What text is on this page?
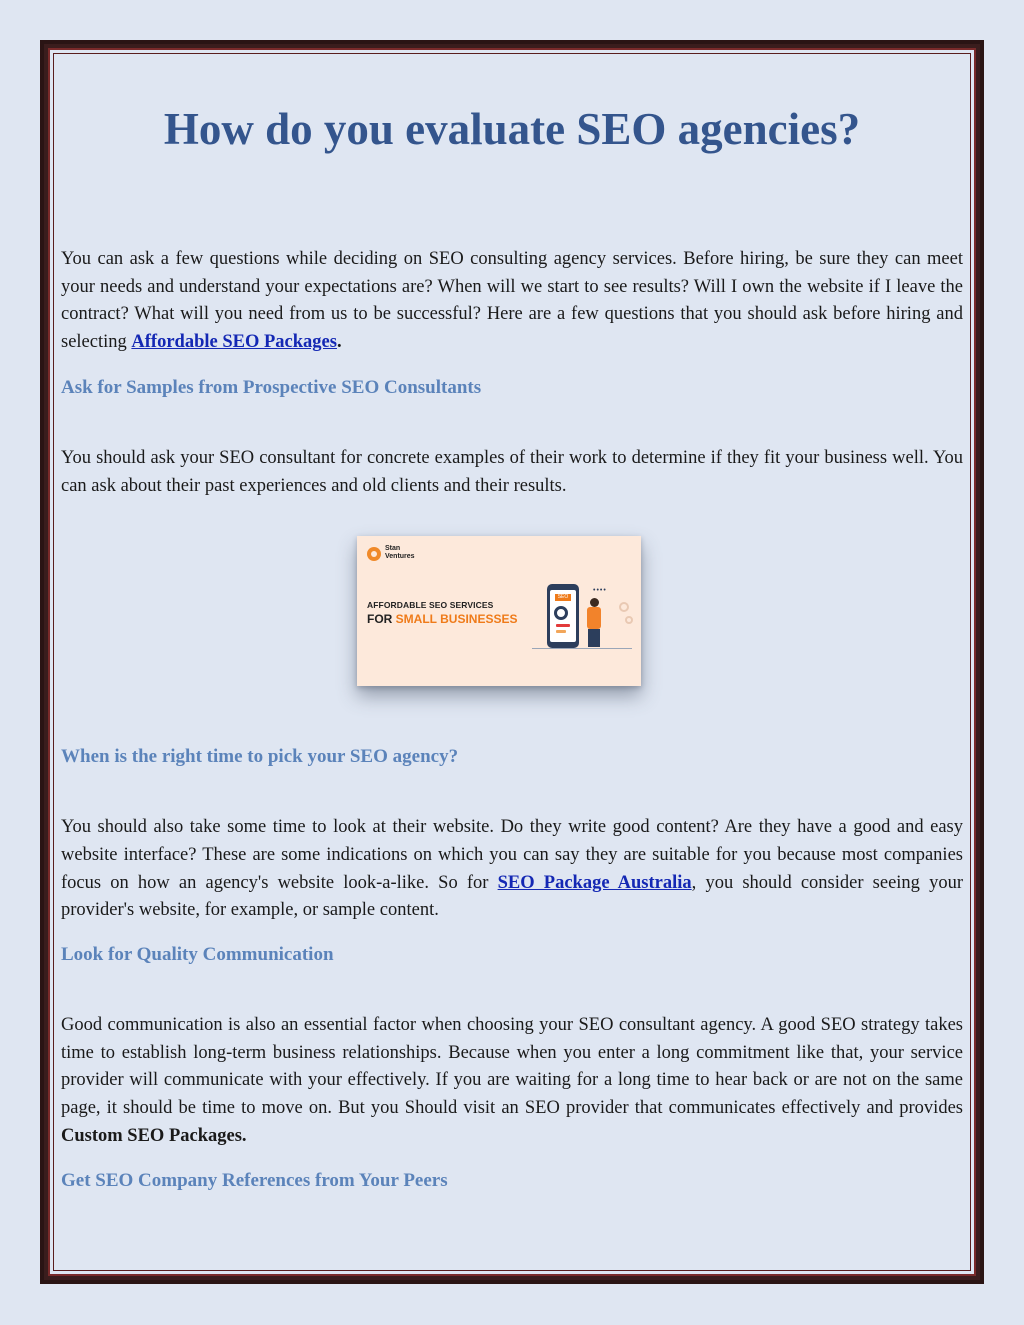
How do you evaluate SEO agencies?

You can ask a few questions while deciding on SEO consulting agency services. Before hiring, be sure they can meet your needs and understand your expectations are? When will we start to see results? Will I own the website if I leave the contract? What will you need from us to be successful? Here are a few questions that you should ask before hiring and selecting Affordable SEO Packages.

Ask for Samples from Prospective SEO Consultants

You should ask your SEO consultant for concrete examples of their work to determine if they fit your business well. You can ask about their past experiences and old clients and their results.

Stan
Ventures
AFFORDABLE SEO SERVICES
FOR SMALL BUSINESSES
SEO
••••
When is the right time to pick your SEO agency?

You should also take some time to look at their website. Do they write good content? Are they have a good and easy website interface? These are some indications on which you can say they are suitable for you because most companies focus on how an agency's website look-a-like. So for SEO Package Australia, you should consider seeing your provider's website, for example, or sample content.

Look for Quality Communication

Good communication is also an essential factor when choosing your SEO consultant agency. A good SEO strategy takes time to establish long-term business relationships. Because when you enter a long commitment like that, your service provider will communicate with your effectively. If you are waiting for a long time to hear back or are not on the same page, it should be time to move on. But you Should visit an SEO provider that communicates effectively and provides Custom SEO Packages.

Get SEO Company References from Your Peers
